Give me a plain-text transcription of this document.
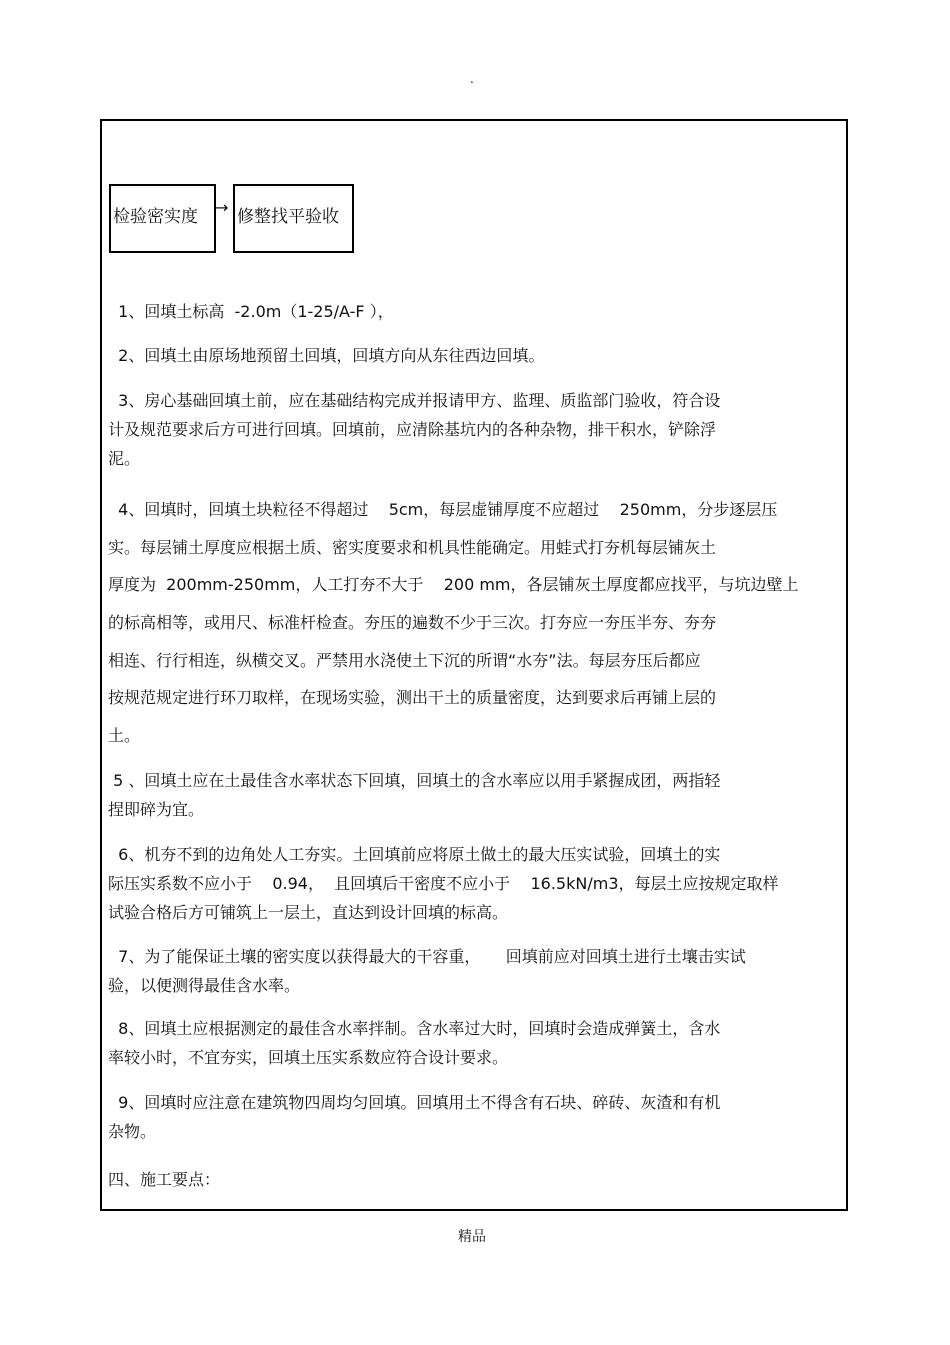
.
检验密实度	→ 修整找平验收
1、回填土标高  -2.0m（1-25/A-F ），
2、回填土由原场地预留土回填，回填方向从东往西边回填。
3、房心基础回填土前，应在基础结构完成并报请甲方、监理、质监部门验收，符合设
计及规范要求后方可进行回填。回填前，应清除基坑内的各种杂物，排干积水，铲除浮
泥。
4、回填时，回填土块粒径不得超过    5cm，每层虚铺厚度不应超过    250mm，分步逐层压
实。每层铺土厚度应根据土质、密实度要求和机具性能确定。用蛙式打夯机每层铺灰土
厚度为  200mm-250mm，人工打夯不大于    200 mm，各层铺灰土厚度都应找平，与坑边壁上
的标高相等，或用尺、标准杆检查。夯压的遍数不少于三次。打夯应一夯压半夯、夯夯
相连、行行相连，纵横交叉。严禁用水浇使土下沉的所谓“水夯”法。每层夯压后都应
按规范规定进行环刀取样，在现场实验，测出干土的质量密度，达到要求后再铺上层的
土。
5 、回填土应在土最佳含水率状态下回填，回填土的含水率应以用手紧握成团，两指轻
捏即碎为宜。
6、机夯不到的边角处人工夯实。土回填前应将原土做土的最大压实试验，回填土的实
际压实系数不应小于    0.94，  且回填后干密度不应小于    16.5kN/m3，每层土应按规定取样
试验合格后方可铺筑上一层土，直达到设计回填的标高。
7、为了能保证土壤的密实度以获得最大的干容重，     回填前应对回填土进行土壤击实试
验，以便测得最佳含水率。
8、回填土应根据测定的最佳含水率拌制。含水率过大时，回填时会造成弹簧土，含水
率较小时，不宜夯实，回填土压实系数应符合设计要求。
9、回填时应注意在建筑物四周均匀回填。回填用土不得含有石块、碎砖、灰渣和有机
杂物。
四、施工要点：
精品
